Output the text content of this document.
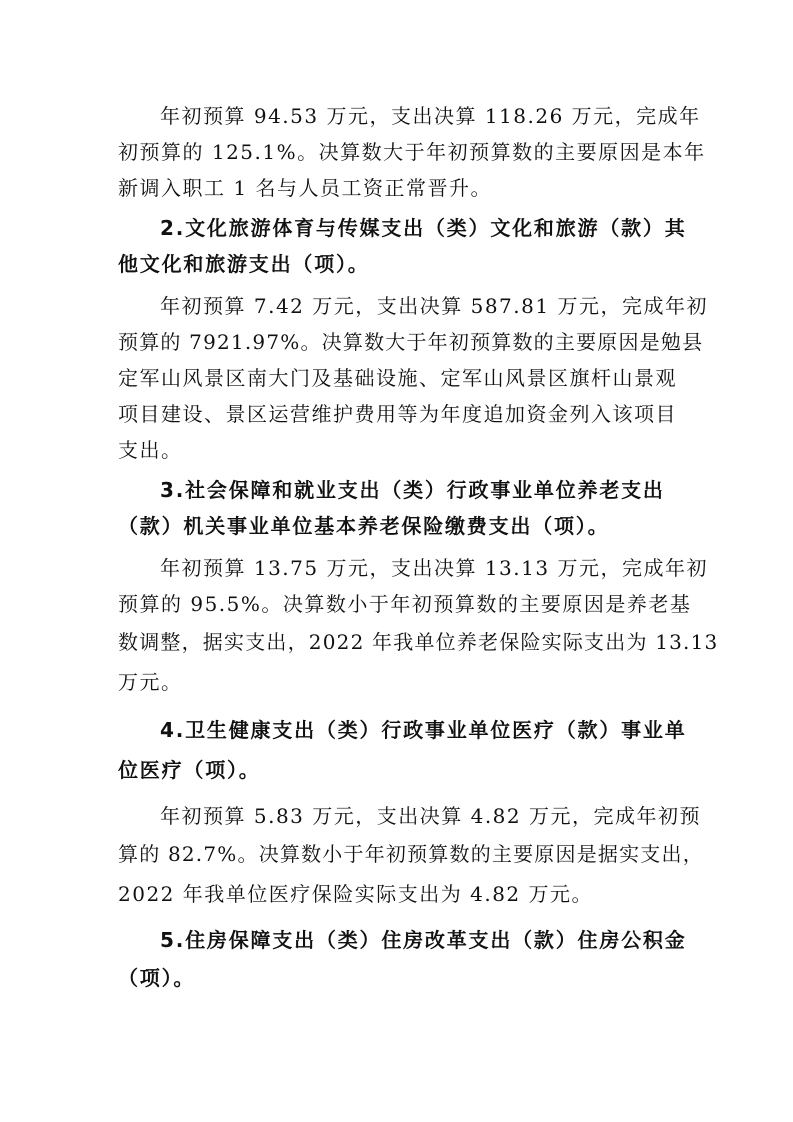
年初预算 94.53 万元，支出决算 118.26 万元，完成年
初预算的 125.1%。决算数大于年初预算数的主要原因是本年
新调入职工 1 名与人员工资正常晋升。
2.文化旅游体育与传媒支出（类）文化和旅游（款）其
他文化和旅游支出（项）。
年初预算 7.42 万元，支出决算 587.81 万元，完成年初
预算的 7921.97%。决算数大于年初预算数的主要原因是勉县
定军山风景区南大门及基础设施、定军山风景区旗杆山景观
项目建设、景区运营维护费用等为年度追加资金列入该项目
支出。
3.社会保障和就业支出（类）行政事业单位养老支出
（款）机关事业单位基本养老保险缴费支出（项）。
年初预算 13.75 万元，支出决算 13.13 万元，完成年初
预算的 95.5%。决算数小于年初预算数的主要原因是养老基
数调整，据实支出，2022 年我单位养老保险实际支出为 13.13
万元。
4.卫生健康支出（类）行政事业单位医疗（款）事业单
位医疗（项）。
年初预算 5.83 万元，支出决算 4.82 万元，完成年初预
算的 82.7%。决算数小于年初预算数的主要原因是据实支出，
2022 年我单位医疗保险实际支出为 4.82 万元。
5.住房保障支出（类）住房改革支出（款）住房公积金
（项）。
